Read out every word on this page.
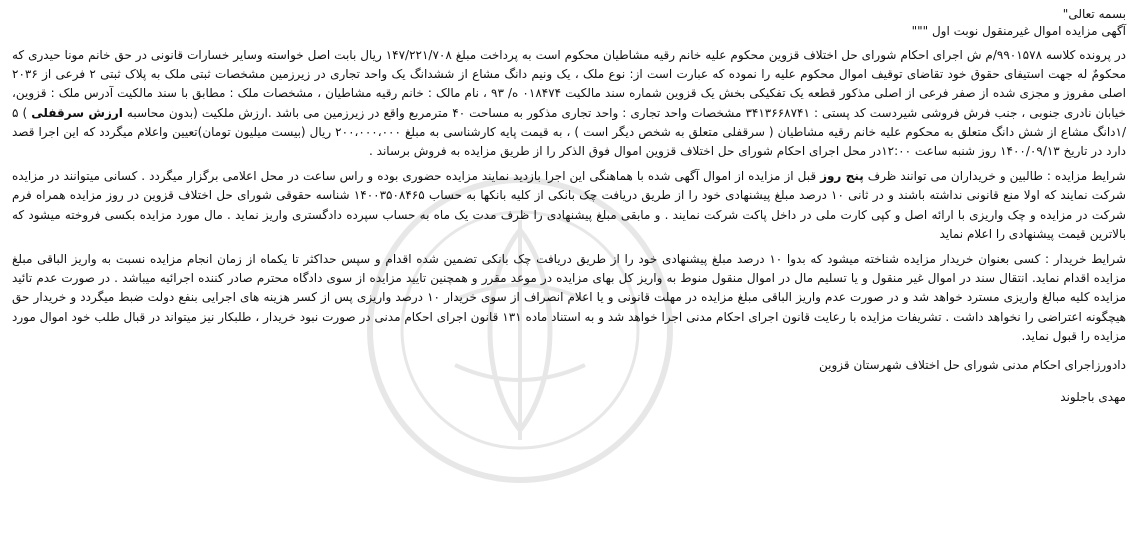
بسمه تعالی"
آگهی مزایده اموال غیرمنقول نوبت اول """

در پرونده کلاسه ۹۹۰۱۵۷۸/م ش اجرای احکام شورای حل اختلاف قزوین محکوم علیه خانم رقیه مشاطیان محکوم است به پرداخت مبلغ ۱۴۷/۲۲۱/۷۰۸ ریال بابت اصل خواسته وسایر خسارات قانونی در حق خانم مونا حیدری که محکومٌ له جهت استیفای حقوق خود تقاضای توقیف اموال محکوم علیه را نموده که عبارت است از: نوع ملک ، یک ونیم دانگ مشاع از ششدانگ یک واحد تجاری در زیرزمین مشخصات ثبتی ملک به پلاک ثبتی ۲ فرعی از ۲۰۳۶ اصلی مفروز و مجزی شده از صفر فرعی از اصلی مذکور قطعه یک تفکیکی بخش یک قزوین شماره سند مالکیت ۰۱۸۴۷۴ ه/ ۹۳ ، نام مالک : خانم رقیه مشاطیان ، مشخصات ملک : مطابق با سند مالکیت آدرس ملک : قزوین، خیابان نادری جنوبی ، جنب فرش فروشی شیردست کد پستی : ۳۴۱۳۶۶۸۷۴۱ مشخصات واحد تجاری : واحد تجاری مذکور به مساحت ۴۰ مترمربع واقع در زیرزمین می باشد .ارزش ملکیت (بدون محاسبه ارزش سرقفلی ) ۵ /۱دانگ مشاع از شش دانگ متعلق به محکوم علیه خانم رقیه مشاطیان ( سرقفلی متعلق به شخص دیگر است ) ، به قیمت پایه کارشناسی به مبلغ ۲۰۰،۰۰۰،۰۰۰ ریال (بیست میلیون تومان)تعیین واعلام میگردد که این اجرا قصد دارد در تاریخ ۱۴۰۰/۰۹/۱۳ روز شنبه ساعت ۱۲:۰۰در محل اجرای احکام شورای حل اختلاف قزوین اموال فوق الذکر را از طریق مزایده به فروش برساند .

شرایط مزایده : طالبین و خریداران می توانند ظرف پنج روز قبل از مزایده از اموال آگهی شده با هماهنگی این اجرا بازدید نمایند مزایده حضوری بوده و راس ساعت در محل اعلامی برگزار میگردد . کسانی میتوانند در مزایده شرکت نمایند که اولا منع قانونی نداشته باشند و در ثانی ۱۰ درصد مبلغ پیشنهادی خود را از طریق دریافت چک بانکی از کلیه بانکها به حساب ۱۴۰۰۳۵۰۸۴۶۵ شناسه حقوقی شورای حل اختلاف قزوین در روز مزایده همراه فرم شرکت در مزایده و چک واریزی با ارائه اصل و کپی کارت ملی در داخل پاکت شرکت نمایند . و مابقی مبلغ پیشنهادی را ظرف مدت یک ماه به حساب سپرده دادگستری واریز نماید . مال مورد مزایده بکسی فروخته میشود که بالاترین قیمت پیشنهادی را اعلام نماید

شرایط خریدار : کسی بعنوان خریدار مزایده شناخته میشود که بدوا ۱۰ درصد مبلغ پیشنهادی خود را از طریق دریافت چک بانکی تضمین شده اقدام و سپس حداکثر تا یکماه از زمان انجام مزایده نسبت به واریز الباقی مبلغ مزایده اقدام نماید. انتقال سند در اموال غیر منقول و یا تسلیم مال در اموال منقول منوط به واریز کل بهای مزایده در موعد مقرر و همچنین تایید مزایده از سوی دادگاه محترم صادر کننده اجرائیه میباشد . در صورت عدم تائید مزایده کلیه مبالغ واریزی مسترد خواهد شد و در صورت عدم واریز الباقی مبلغ مزایده در مهلت قانونی و یا اعلام انصراف از سوی خریدار ۱۰ درصد واریزی پس از کسر هزینه های اجرایی بنفع دولت ضبط میگردد و خریدار حق هیچگونه اعتراضی را نخواهد داشت . تشریفات مزایده با رعایت قانون اجرای احکام مدنی اجرا خواهد شد و به استناد ماده ۱۳۱ قانون اجرای احکام مدنی در صورت نبود خریدار ، طلبکار نیز میتواند در قبال طلب خود اموال مورد مزایده را قبول نماید.

دادورزاجرای احکام مدنی شورای حل اختلاف شهرستان قزوین
مهدی باجلوند
